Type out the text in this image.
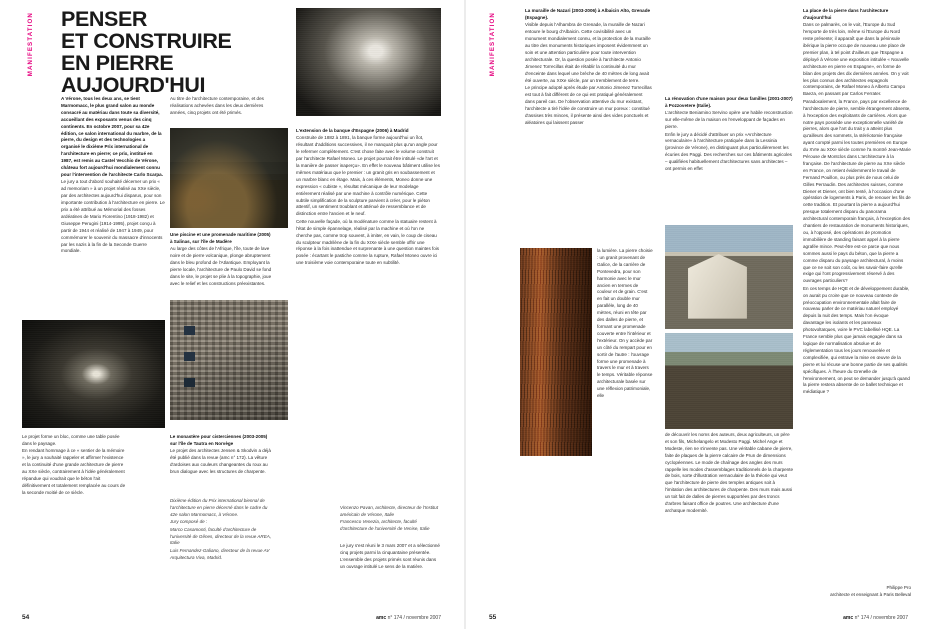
MANIFESTATION PENSER
ET CONSTRUIRE
EN PIERRE
AUJOURD'HUI

A Vérone, tous les deux ans, se tient Marmomacc, le plus grand salon au monde consacré au matériau dans toute sa diversité, accueillant des exposants venus des cinq continents. En octobre 2007, pour sa 42e édition, ce salon international du marbre, de la pierre, du design et des technologies a organisé le dixième Prix international de l'architecture en pierre; ce prix, institué en 1987, est remis au Castel Vecchio de Vérone, château fort aujourd'hui mondialement connu pour l'intervention de l'architecte Carlo Scarpa.

Le jury a tout d'abord souhaité décerner un prix « ad memoriam » à un projet réalisé au XXe siècle, par des architectes aujourd'hui disparus, pour son importante contribution à l'architecture en pierre. Le prix a été attribué au Mémorial des fosses ardéatines de Mario Fiorentino (1918-1982) et Giuseppe Perugini (1914-1995), projet conçu à partir de 1944 et réalisé de 1947 à 1949, pour commémorer le souvenir du massacre d'innocents par les nazis à la fin de la Seconde Guerre mondiale.

Le projet forme un bloc, comme une table posée dans le paysage.

En rendant hommage à ce « sentier de la mémoire », le jury a souhaité rappeler et affirmer l'existence et la continuité d'une grande architecture de pierre au XXe siècle, contrairement à l'idée généralement répandue qui voudrait que le béton l'ait définitivement et totalement remplacée au cours de la seconde moitié de ce siècle.

Au titre de l'architecture contemporaine, et des réalisations achevées dans les deux dernières années, cinq projets ont été primés.

Une piscine et une promenade maritime (2005) à Salinas, sur l'île de Madère

Au large des côtes de l'Afrique, l'île, toute de lave noire et de pierre volcanique, plonge abruptement dans le bleu profond de l'Atlantique. Employant la pierre locale, l'architecture de Paulo David se fond dans le site, le projet se plie à la topographie, joue avec le relief et les constructions préexistantes.

Le monastère pour cisterciennes (2003-2005) sur l'île de Tautra en Norvège

Le projet des architectes Jensen & Skodvin a déjà été publié dans la revue (amc n° 172). La vêture d'ardoises aux couleurs changeantes du roux au brun dialogue avec les structures de charpente.

Dixième édition du Prix international biennal de l'architecture en pierre décerné dans le cadre du 42e salon Marmomacc, à Vérone.

Jury composé de :

Marco Casamonti, faculté d'architecture de l'université de Gênes, directeur de la revue AREA, Italie

Luis Fernandez-Galiano, directeur de la revue AV Arquitectura Viva, Madrid.

L'extension de la banque d'Espagne (2006) à Madrid

Construite de 1882 à 1891, la banque forme aujourd'hui un îlot, résultant d'additions successives, il ne manquait plus qu'un angle pour le refermer complètement. C'est chose faite avec le volume construit par l'architecte Rafael Moneo. Le projet pourrait être intitulé «de l'art et la manière de passer inaperçu». En effet le nouveau bâtiment utilise les mêmes matériaux que le premier : un granit gris en soubassement et un marbre blanc en étage. Mais, à ces éléments, Moneo donne une expression « cubiste », résultat mécanique de leur modelage entièrement réalisé par une machine à contrôle numérique. Cette subtile simplification de la sculpture parvient à créer, pour le piéton attentif, un sentiment troublant et atténué de ressemblance et de distinction entre l'ancien et le neuf.

Cette nouvelle façade, où la modénature comme la statuaire restent à l'état de simple épannelage, réalisé par la machine et où l'on ne cherche pas, comme trop souvent, à imiter, en vain, le coup de ciseau du sculpteur madrilène de la fin du XIXe siècle semble offrir une réponse à la fois inattendue et surprenante à une question maintes fois posée : écartant le pastiche comme la rupture, Rafael Moneo ouvre ici une troisième voie contemporaine toute en subtilité.

Vincenzo Pavan, architecte, directeur de l'Institut américain de Vérone, Italie

Francesco Venezia, architecte, faculté d'architecture de l'université de Venise, Italie

Le jury s'est réuni le 3 mars 2007 et a sélectionné cinq projets parmi la cinquantaine présentée. L'ensemble des projets primés sont réunis dans un ouvrage intitulé Le sens de la matière.
54	amc n° 174 / novembre 2007
MANIFESTATION

La muraille de Nazari (2003-2006) à Albaicin Alto, Grenade (Espagne).

Visible depuis l'Alhambra de Grenade, la muraille de Nazari entoure le bourg d'Albaicin. Cette covisibilité avec un monument mondialement connu, et la protection de la muraille au titre des monuments historiques imposent évidemment un soin et une attention particulière pour toute intervention architecturale. Or, la question posée à l'architecte Antonio Jimenez Torrecillas était de rétablir la continuité du mur d'enceinte dans lequel une brèche de 40 mètres de long avait été ouverte, au XIXe siècle, par un tremblement de terre.

Le principe adopté après étude par Antonio Jimenez Torrecillas est tout à fait différent de ce qui est pratiqué généralement dans pareil cas. De l'observation attentive du mur existant, l'architecte a tiré l'idée de construire un mur poreux : constitué d'assises très minces, il présente ainsi des vides ponctuels et aléatoires qui laissent passer

la lumière. La pierre choisie : un granit provenant de Galice, de la carrière de Pontevedra, pour son harmonie avec le mur ancien en termes de couleur et de grain. C'est en fait un double mur parallèle, long de 40 mètres, réuni en tête par des dalles de pierre, et formant une promenade couverte entre l'intérieur et l'extérieur. On y accède par un côté du rempart pour en sortir de l'autre : l'ouvrage forme une promenade à travers le mur et à travers le temps. Véritable réponse architecturale basée sur une réflexion patrimoniale, elle

La rénovation d'une maison pour deux familles (2001-2007) à Pozzovetere (Italie).

L'architecte Beniamino Servino opère une habile reconstruction sur elle-même de la maison en l'enveloppant de façades en pierre.

Enfin le jury a décidé d'attribuer un prix «Architecture vernaculaire» à l'architecture pratiquée dans la Lessinia (province de Vérone), en distinguant plus particulièrement les écuries des Paggi. Des recherches sur ces bâtiments agricoles – qualifiées habituellement d'architectures sans architectes – ont permis en effet

de découvrir les noms des auteurs, deux agriculteurs, un père et son fils, Michelangelo et Modesto Paggi. Michel Ange et Modeste, rien ne s'invente pas. Une véritable cabane de pierre, faite de plaques de la pierre calcaire de Prun de dimensions cyclopéennes. Le mode de chaînage des angles des murs rappelle les modes d'assemblages traditionnels de la charpente de bois, sorte d'illustration vernaculaire de la théorie qui veut que l'architecture de pierre des temples antiques soit à l'imitation des architectures de charpente. Des murs mais aussi un toit fait de dalles de pierres supportées par des troncs d'arbres faisant office de poutres. Une architecture d'une archaïque modernité.

La place de la pierre dans l'architecture d'aujourd'hui

Dans ce palmarès, on le voit, l'Europe du Sud l'emporte de très loin, même si l'Europe du Nord reste présente; il apparaît que dans la péninsule ibérique la pierre occupe de nouveau une place de premier plan, à tel point d'ailleurs que l'Espagne a déployé à Vérone une exposition intitulée « Nouvelle architecture en pierre en Espagne», en forme de bilan des projets des dix dernières années. On y voit les plus connus des architectes espagnols contemporains, de Rafael Moneo à Alberto Campo Baeza, en passant par Carlos Ferrater.

Paradoxalement, la France, pays par excellence de l'architecture de pierre, semble étrangement absente, à l'exception des exploitants de carrières. Alors que notre pays possède une exceptionnelle variété de pierres, alors que l'art du trait y a atteint plus qu'ailleurs des sommets, la stéréotomie française ayant compté parmi les toutes premières en Europe du XVIe au XIXe siècle comme l'a montré Jean-Marie Pérouse de Montclos dans L'architecture à la française. De l'architecture de pierre au XXe siècle en France, on retient évidemment le travail de Fernand Pouillon, ou plus près de nous celui de Gilles Perraudin. Des architectes suisses, comme Diener et Diener, ont bien tenté, à l'occasion d'une opération de logements à Paris, de renouer les fils de cette tradition. Et pourtant la pierre a aujourd'hui presque totalement disparu du panorama architectural contemporain français, à l'exception des chantiers de restauration de monuments historiques, ou, à l'opposé, des opérations de promotion immobilière de standing faisant appel à la pierre agrafée mince. Peut-être est-ce parce que nous sommes aussi le pays du béton, que la pierre a comme disparu du paysage architectural, à moins que ce ne soit son coût, ou les savoir-faire qu'elle exige qui l'ont progressivement réservé à des ouvrages particuliers?

En ces temps de HQE et de développement durable, on aurait pu croire que ce nouveau contexte de préoccupation environnementale allait faire de nouveau parler de ce matériau naturel employé depuis la nuit des temps. Mais l'on évoque davantage les isolants et les panneaux photovoltaïques, voire le PVC labellisé HQE. La France semble plus que jamais engagée dans sa logique de normalisation absolue et de réglementation tous les jours renouvelée et complexifiée, qui entrave la mise en œuvre de la pierre et lui récuse une bonne partie de ses qualités spécifiques. À l'heure du Grenelle de l'environnement, on peut se demander jusqu'à quand la pierre restera absente de ce ballet technique et médiatique ?

Philippe Pro
architecte et enseignant à Paris Belleval
55	amc n° 174 / novembre 2007
